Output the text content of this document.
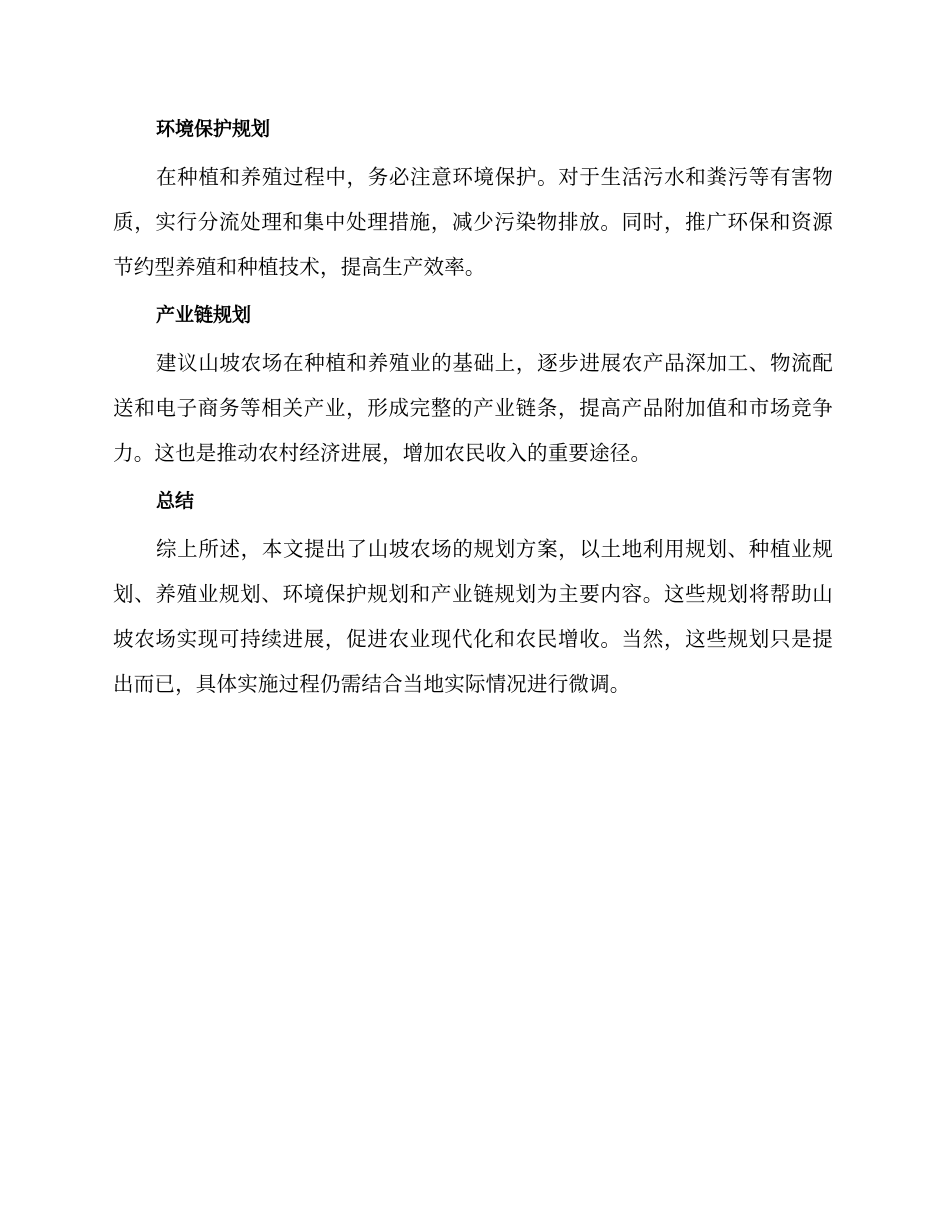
环境保护规划

在种植和养殖过程中，务必注意环境保护。对于生活污水和粪污等有害物质，实行分流处理和集中处理措施，减少污染物排放。同时，推广环保和资源节约型养殖和种植技术，提高生产效率。

产业链规划

建议山坡农场在种植和养殖业的基础上，逐步进展农产品深加工、物流配送和电子商务等相关产业，形成完整的产业链条，提高产品附加值和市场竞争力。这也是推动农村经济进展，增加农民收入的重要途径。

总结

综上所述，本文提出了山坡农场的规划方案，以土地利用规划、种植业规划、养殖业规划、环境保护规划和产业链规划为主要内容。这些规划将帮助山坡农场实现可持续进展，促进农业现代化和农民增收。当然，这些规划只是提出而已，具体实施过程仍需结合当地实际情况进行微调。
